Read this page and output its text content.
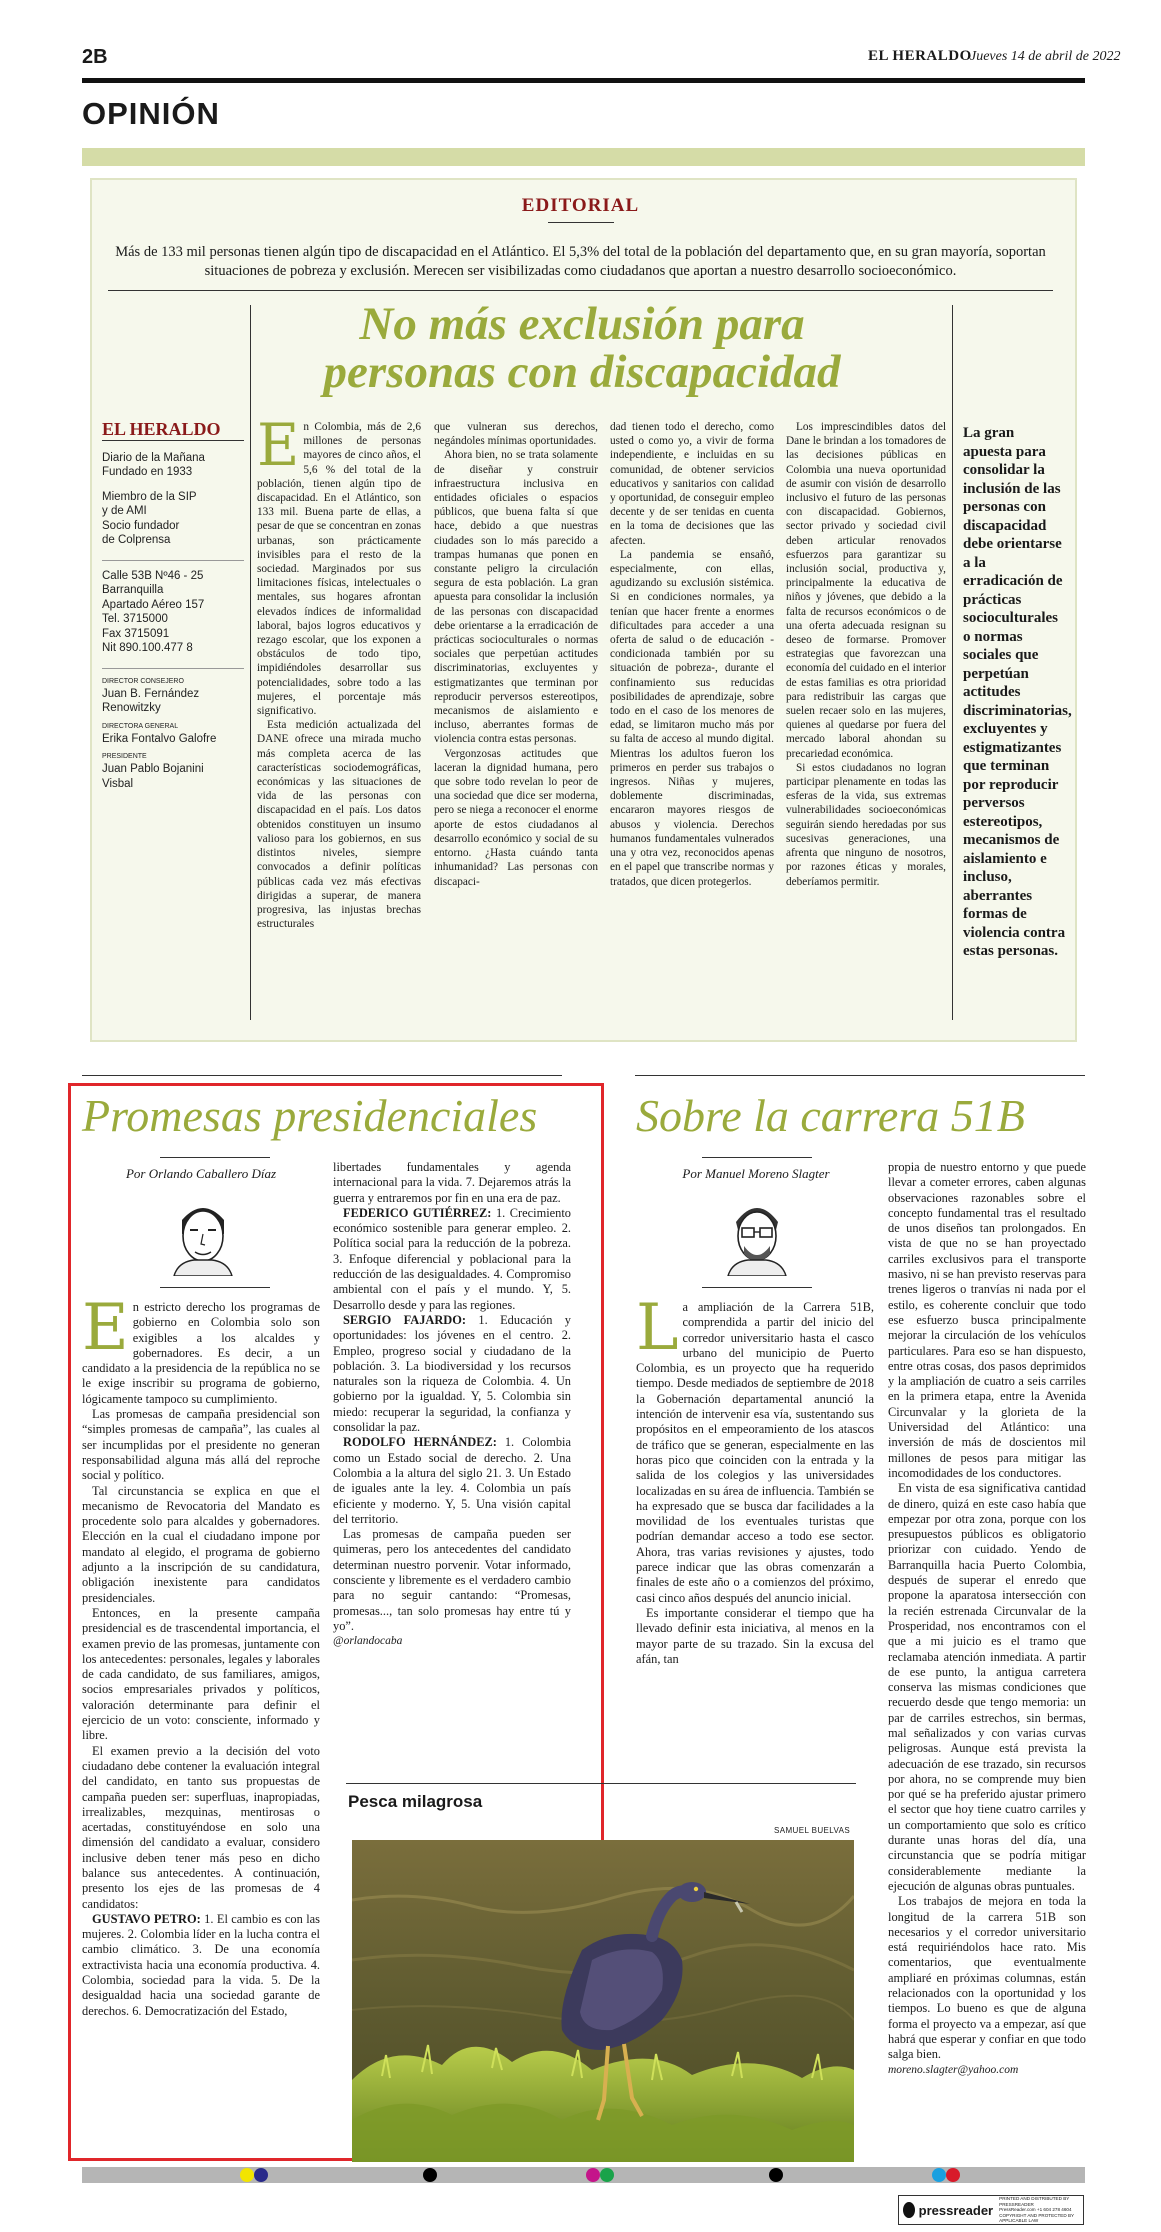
2B	EL HERALDO
Jueves 14 de abril de 2022
OPINIÓN
EDITORIAL
Más de 133 mil personas tienen algún tipo de discapacidad en el Atlántico. El 5,3% del total de la población del departamento que, en su gran mayoría, soportan situaciones de pobreza y exclusión. Merecen ser visibilizadas como ciudadanos que aportan a nuestro desarrollo socioeconómico.
No más exclusión para
personas con discapacidad
EL HERALDO
Diario de la Mañana
Fundado en 1933
Miembro de la SIP
y de AMI
Socio fundador
de Colprensa
Calle 53B Nº46 - 25
Barranquilla
Apartado Aéreo 157
Tel. 3715000
Fax 3715091
Nit 890.100.477 8
DIRECTOR CONSEJERO
Juan B. Fernández
Renowitzky
DIRECTORA GENERAL
Erika Fontalvo Galofre
PRESIDENTE
Juan Pablo Bojanini
Visbal

En Colombia, más de 2,6 millones de personas mayores de cinco años, el 5,6 % del total de la población, tienen algún tipo de discapacidad. En el Atlántico, son 133 mil. Buena parte de ellas, a pesar de que se concentran en zonas urbanas, son prácticamente invisibles para el resto de la sociedad. Marginados por sus limitaciones físicas, intelectuales o mentales, sus hogares afrontan elevados índices de informalidad laboral, bajos logros educativos y rezago escolar, que los exponen a obstáculos de todo tipo, impidiéndoles desarrollar sus potencialidades, sobre todo a las mujeres, el porcentaje más significativo.

Esta medición actualizada del DANE ofrece una mirada mucho más completa acerca de las características sociodemográficas, económicas y las situaciones de vida de las personas con discapacidad en el país. Los datos obtenidos constituyen un insumo valioso para los gobiernos, en sus distintos niveles, siempre convocados a definir políticas públicas cada vez más efectivas dirigidas a superar, de manera progresiva, las injustas brechas estructurales

que vulneran sus derechos, negándoles mínimas oportunidades.

Ahora bien, no se trata solamente de diseñar y construir infraestructura inclusiva en entidades oficiales o espacios públicos, que buena falta sí que hace, debido a que nuestras ciudades son lo más parecido a trampas humanas que ponen en constante peligro la circulación segura de esta población. La gran apuesta para consolidar la inclusión de las personas con discapacidad debe orientarse a la erradicación de prácticas socioculturales o normas sociales que perpetúan actitudes discriminatorias, excluyentes y estigmatizantes que terminan por reproducir perversos estereotipos, mecanismos de aislamiento e incluso, aberrantes formas de violencia contra estas personas.

Vergonzosas actitudes que laceran la dignidad humana, pero que sobre todo revelan lo peor de una sociedad que dice ser moderna, pero se niega a reconocer el enorme aporte de estos ciudadanos al desarrollo económico y social de su entorno. ¿Hasta cuándo tanta inhumanidad? Las personas con discapaci-

dad tienen todo el derecho, como usted o como yo, a vivir de forma independiente, e incluidas en su comunidad, de obtener servicios educativos y sanitarios con calidad y oportunidad, de conseguir empleo decente y de ser tenidas en cuenta en la toma de decisiones que las afecten.

La pandemia se ensañó, especialmente, con ellas, agudizando su exclusión sistémica. Si en condiciones normales, ya tenían que hacer frente a enormes dificultades para acceder a una oferta de salud o de educación -condicionada también por su situación de pobreza-, durante el confinamiento sus reducidas posibilidades de aprendizaje, sobre todo en el caso de los menores de edad, se limitaron mucho más por su falta de acceso al mundo digital. Mientras los adultos fueron los primeros en perder sus trabajos o ingresos. Niñas y mujeres, doblemente discriminadas, encararon mayores riesgos de abusos y violencia. Derechos humanos fundamentales vulnerados una y otra vez, reconocidos apenas en el papel que transcribe normas y tratados, que dicen protegerlos.

Los imprescindibles datos del Dane le brindan a los tomadores de las decisiones públicas en Colombia una nueva oportunidad de asumir con visión de desarrollo inclusivo el futuro de las personas con discapacidad. Gobiernos, sector privado y sociedad civil deben articular renovados esfuerzos para garantizar su inclusión social, productiva y, principalmente la educativa de niños y jóvenes, que debido a la falta de recursos económicos o de una oferta adecuada resignan su deseo de formarse. Promover estrategias que favorezcan una economía del cuidado en el interior de estas familias es otra prioridad para redistribuir las cargas que suelen recaer solo en las mujeres, quienes al quedarse por fuera del mercado laboral ahondan su precariedad económica.

Si estos ciudadanos no logran participar plenamente en todas las esferas de la vida, sus extremas vulnerabilidades socioeconómicas seguirán siendo heredadas por sus sucesivas generaciones, una afrenta que ninguno de nosotros, por razones éticas y morales, deberíamos permitir.

La gran apuesta para consolidar la inclusión de las personas con discapacidad debe orientarse a la erradicación de prácticas socioculturales o normas sociales que perpetúan actitudes discriminatorias, excluyentes y estigmatizantes que terminan por reproducir perversos estereotipos, mecanismos de aislamiento e incluso, aberrantes formas de violencia contra estas personas.
Promesas presidenciales
Por Orlando Caballero Díaz

En estricto derecho los programas de gobierno en Colombia solo son exigibles a los alcaldes y gobernadores. Es decir, a un candidato a la presidencia de la república no se le exige inscribir su programa de gobierno, lógicamente tampoco su cumplimiento.

Las promesas de campaña presidencial son “simples promesas de campaña”, las cuales al ser incumplidas por el presidente no generan responsabilidad alguna más allá del reproche social y político.

Tal circunstancia se explica en que el mecanismo de Revocatoria del Mandato es procedente solo para alcaldes y gobernadores. Elección en la cual el ciudadano impone por mandato al elegido, el programa de gobierno adjunto a la inscripción de su candidatura, obligación inexistente para candidatos presidenciales.

Entonces, en la presente campaña presidencial es de trascendental importancia, el examen previo de las promesas, juntamente con los antecedentes: personales, legales y laborales de cada candidato, de sus familiares, amigos, socios empresariales privados y políticos, valoración determinante para definir el ejercicio de un voto: consciente, informado y libre.

El examen previo a la decisión del voto ciudadano debe contener la evaluación integral del candidato, en tanto sus propuestas de campaña pueden ser: superfluas, inapropiadas, irrealizables, mezquinas, mentirosas o acertadas, constituyéndose en solo una dimensión del candidato a evaluar, considero inclusive deben tener más peso en dicho balance sus antecedentes. A continuación, presento los ejes de las promesas de 4 candidatos:

GUSTAVO PETRO: 1. El cambio es con las mujeres. 2. Colombia líder en la lucha contra el cambio climático. 3. De una economía extractivista hacia una economía productiva. 4. Colombia, sociedad para la vida. 5. De la desigualdad hacia una sociedad garante de derechos. 6. Democratización del Estado,

libertades fundamentales y agenda internacional para la vida. 7. Dejaremos atrás la guerra y entraremos por fin en una era de paz.

FEDERICO GUTIÉRREZ: 1. Crecimiento económico sostenible para generar empleo. 2. Política social para la reducción de la pobreza. 3. Enfoque diferencial y poblacional para la reducción de las desigualdades. 4. Compromiso ambiental con el país y el mundo. Y, 5. Desarrollo desde y para las regiones.

SERGIO FAJARDO: 1. Educación y oportunidades: los jóvenes en el centro. 2. Empleo, progreso social y ciudadano de la población. 3. La biodiversidad y los recursos naturales son la riqueza de Colombia. 4. Un gobierno por la igualdad. Y, 5. Colombia sin miedo: recuperar la seguridad, la confianza y consolidar la paz.

RODOLFO HERNÁNDEZ: 1. Colombia como un Estado social de derecho. 2. Una Colombia a la altura del siglo 21. 3. Un Estado de iguales ante la ley. 4. Colombia un país eficiente y moderno. Y, 5. Una visión capital del territorio.

Las promesas de campaña pueden ser quimeras, pero los antecedentes del candidato determinan nuestro porvenir. Votar informado, consciente y libremente es el verdadero cambio para no seguir cantando: “Promesas, promesas..., tan solo promesas hay entre tú y yo”.

@orlandocaba

Pesca milagrosa
SAMUEL BUELVAS
Sobre la carrera 51B
Por Manuel Moreno Slagter

La ampliación de la Carrera 51B, comprendida a partir del inicio del corredor universitario hasta el casco urbano del municipio de Puerto Colombia, es un proyecto que ha requerido tiempo. Desde mediados de septiembre de 2018 la Gobernación departamental anunció la intención de intervenir esa vía, sustentando sus propósitos en el empeoramiento de los atascos de tráfico que se generan, especialmente en las horas pico que coinciden con la entrada y la salida de los colegios y las universidades localizadas en su área de influencia. También se ha expresado que se busca dar facilidades a la movilidad de los eventuales turistas que podrían demandar acceso a todo ese sector. Ahora, tras varias revisiones y ajustes, todo parece indicar que las obras comenzarán a finales de este año o a comienzos del próximo, casi cinco años después del anuncio inicial.

Es importante considerar el tiempo que ha llevado definir esta iniciativa, al menos en la mayor parte de su trazado. Sin la excusa del afán, tan

propia de nuestro entorno y que puede llevar a cometer errores, caben algunas observaciones razonables sobre el concepto fundamental tras el resultado de unos diseños tan prolongados. En vista de que no se han proyectado carriles exclusivos para el transporte masivo, ni se han previsto reservas para trenes ligeros o tranvías ni nada por el estilo, es coherente concluir que todo ese esfuerzo busca principalmente mejorar la circulación de los vehículos particulares. Para eso se han dispuesto, entre otras cosas, dos pasos deprimidos y la ampliación de cuatro a seis carriles en la primera etapa, entre la Avenida Circunvalar y la glorieta de la Universidad del Atlántico: una inversión de más de doscientos mil millones de pesos para mitigar las incomodidades de los conductores.

En vista de esa significativa cantidad de dinero, quizá en este caso había que empezar por otra zona, porque con los presupuestos públicos es obligatorio priorizar con cuidado. Yendo de Barranquilla hacia Puerto Colombia, después de superar el enredo que propone la aparatosa intersección con la recién estrenada Circunvalar de la Prosperidad, nos encontramos con el que a mi juicio es el tramo que reclamaba atención inmediata. A partir de ese punto, la antigua carretera conserva las mismas condiciones que recuerdo desde que tengo memoria: un par de carriles estrechos, sin bermas, mal señalizados y con varias curvas peligrosas. Aunque está prevista la adecuación de ese trazado, sin recursos por ahora, no se comprende muy bien por qué se ha preferido ajustar primero el sector que hoy tiene cuatro carriles y un comportamiento que solo es crítico durante unas horas del día, una circunstancia que se podría mitigar considerablemente mediante la ejecución de algunas obras puntuales.

Los trabajos de mejora en toda la longitud de la carrera 51B son necesarios y el corredor universitario está requiriéndolos hace rato. Mis comentarios, que eventualmente ampliaré en próximas columnas, están relacionados con la oportunidad y los tiempos. Lo bueno es que de alguna forma el proyecto va a empezar, así que habrá que esperar y confiar en que todo salga bien.

moreno.slagter@yahoo.com

pressreader
PRINTED AND DISTRIBUTED BY PRESSREADER
PressReader.com +1 604 278 4604
COPYRIGHT AND PROTECTED BY APPLICABLE LAW
